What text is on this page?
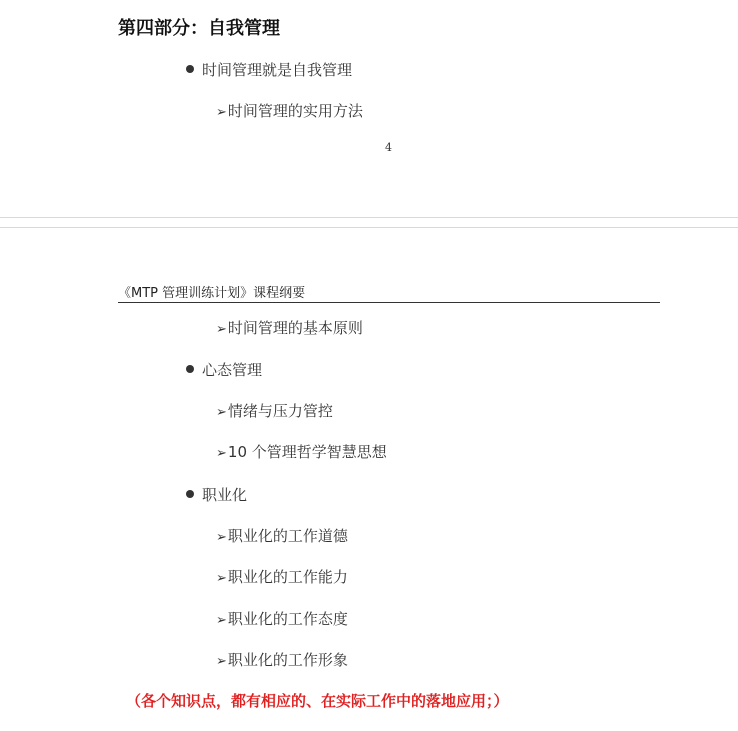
第四部分：自我管理
时间管理就是自我管理
➢时间管理的实用方法
4
《MTP 管理训练计划》课程纲要
➢时间管理的基本原则
心态管理
➢情绪与压力管控
➢10 个管理哲学智慧思想
职业化
➢职业化的工作道德
➢职业化的工作能力
➢职业化的工作态度
➢职业化的工作形象
（各个知识点，都有相应的、在实际工作中的落地应用；）
